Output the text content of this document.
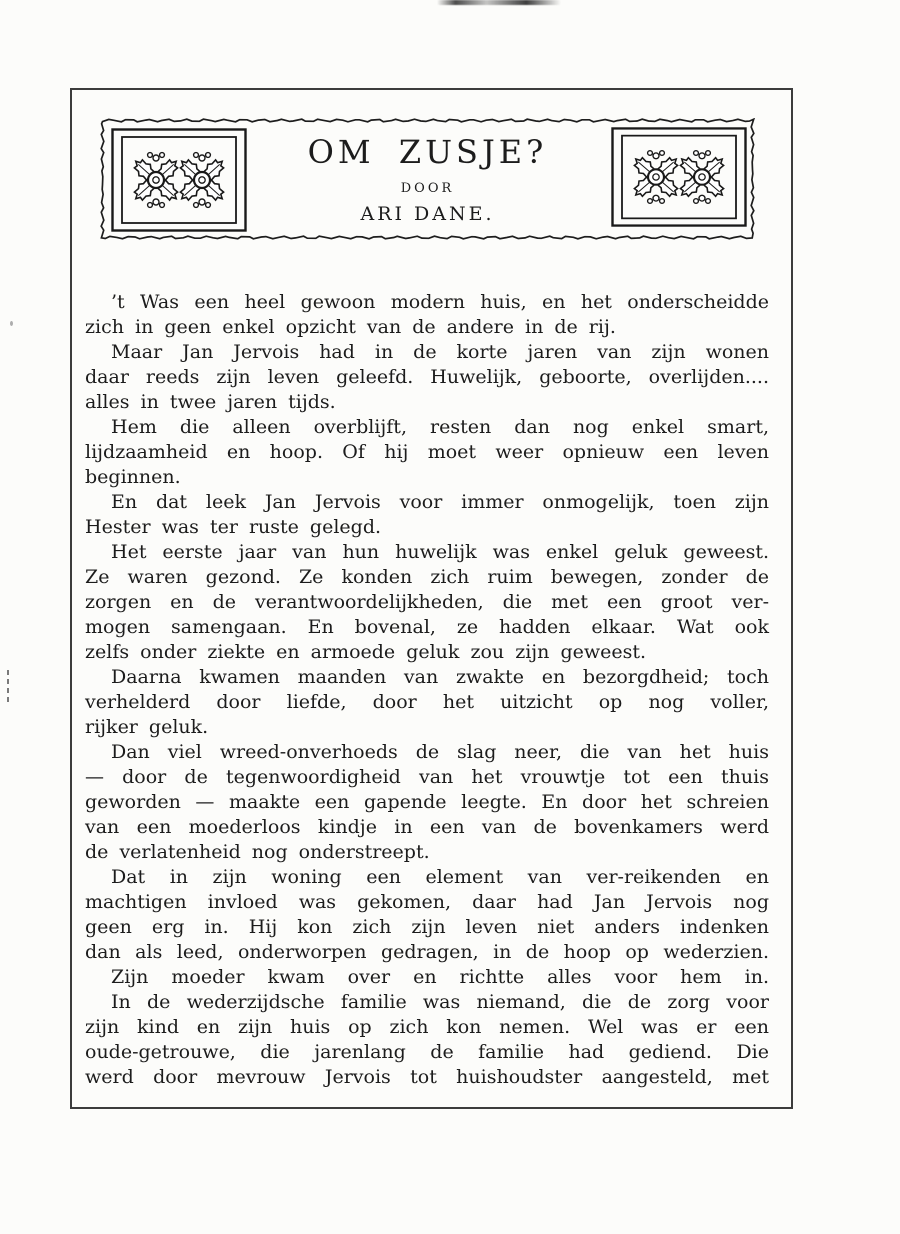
OM ZUSJE?
DOOR
ARI DANE.
’t Was een heel gewoon modern huis, en het onderscheidde
zich in geen enkel opzicht van de andere in de rij.
Maar Jan Jervois had in de korte jaren van zijn wonen
daar reeds zijn leven geleefd. Huwelijk, geboorte, overlijden....
alles in twee jaren tijds.
Hem die alleen overblijft, resten dan nog enkel smart,
lijdzaamheid en hoop. Of hij moet weer opnieuw een leven
beginnen.
En dat leek Jan Jervois voor immer onmogelijk, toen zijn
Hester was ter ruste gelegd.
Het eerste jaar van hun huwelijk was enkel geluk geweest.
Ze waren gezond. Ze konden zich ruim bewegen, zonder de
zorgen en de verantwoordelijkheden, die met een groot ver-
mogen samengaan. En bovenal, ze hadden elkaar. Wat ook
zelfs onder ziekte en armoede geluk zou zijn geweest.
Daarna kwamen maanden van zwakte en bezorgdheid; toch
verhelderd door liefde, door het uitzicht op nog voller,
rijker geluk.
Dan viel wreed-onverhoeds de slag neer, die van het huis
— door de tegenwoordigheid van het vrouwtje tot een thuis
geworden — maakte een gapende leegte. En door het schreien
van een moederloos kindje in een van de bovenkamers werd
de verlatenheid nog onderstreept.
Dat in zijn woning een element van ver-reikenden en
machtigen invloed was gekomen, daar had Jan Jervois nog
geen erg in. Hij kon zich zijn leven niet anders indenken
dan als leed, onderworpen gedragen, in de hoop op wederzien.
Zijn moeder kwam over en richtte alles voor hem in.
In de wederzijdsche familie was niemand, die de zorg voor
zijn kind en zijn huis op zich kon nemen. Wel was er een
oude-getrouwe, die jarenlang de familie had gediend. Die
werd door mevrouw Jervois tot huishoudster aangesteld, met
